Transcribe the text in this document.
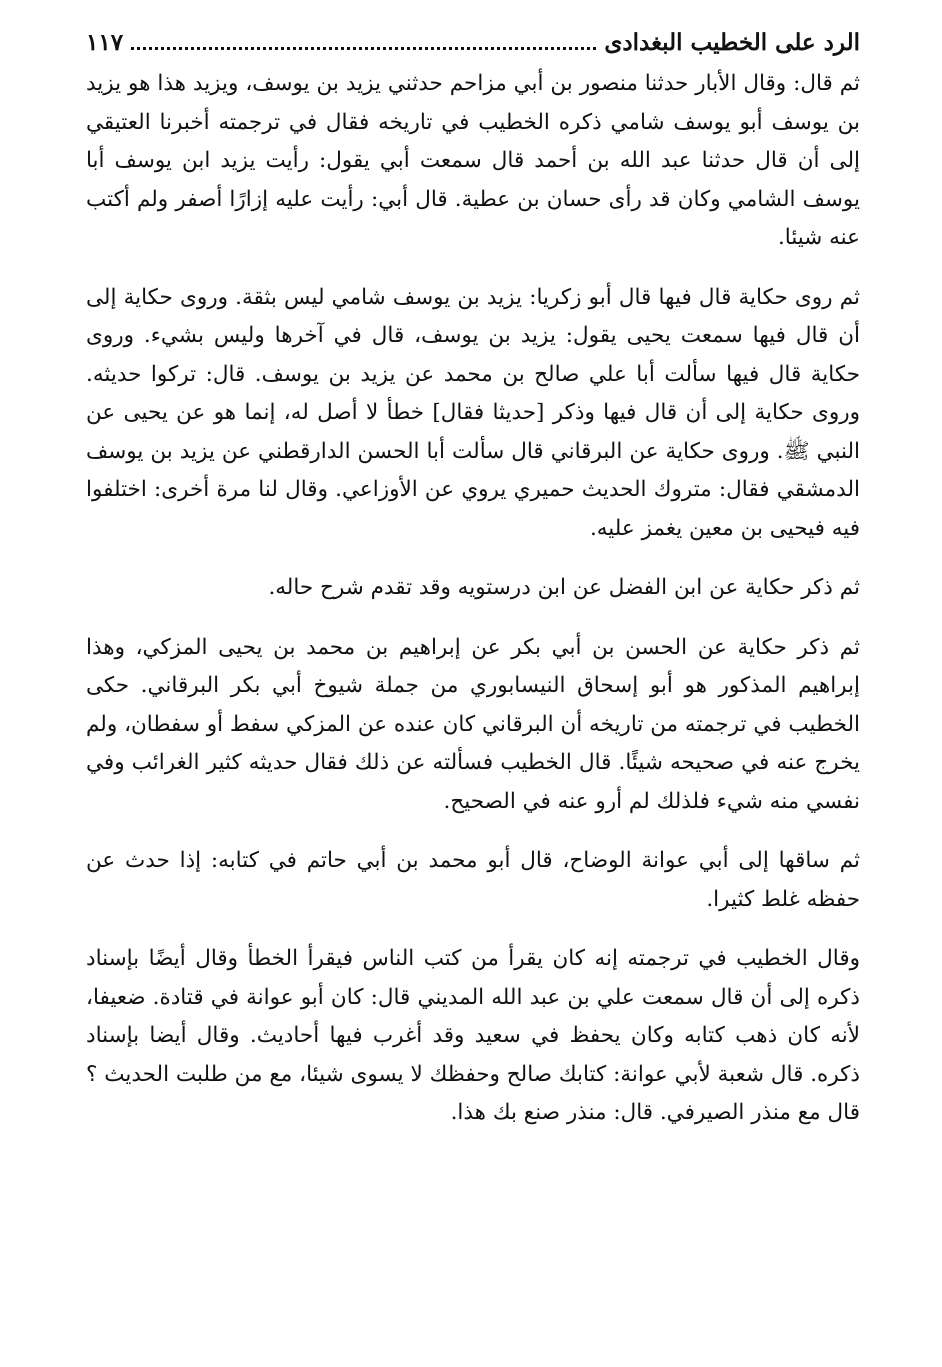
الرد على الخطيب البغدادى
١١٧

ثم قال: وقال الأبار حدثنا منصور بن أبي مزاحم حدثني يزيد بن يوسف، ويزيد هذا هو يزيد بن يوسف أبو يوسف شامي ذكره الخطيب في تاريخه فقال في ترجمته أخبرنا العتيقي إلى أن قال حدثنا عبد الله بن أحمد قال سمعت أبي يقول: رأيت يزيد ابن يوسف أبا يوسف الشامي وكان قد رأى حسان بن عطية. قال أبي: رأيت عليه إزارًا أصفر ولم أكتب عنه شيئا.

ثم روى حكاية قال فيها قال أبو زكريا: يزيد بن يوسف شامي ليس بثقة. وروى حكاية إلى أن قال فيها سمعت يحيى يقول: يزيد بن يوسف، قال في آخرها وليس بشيء. وروى حكاية قال فيها سألت أبا علي صالح بن محمد عن يزيد بن يوسف. قال: تركوا حديثه. وروى حكاية إلى أن قال فيها وذكر [حديثا فقال] خطأ لا أصل له، إنما هو عن يحيى عن النبي ﷺ. وروى حكاية عن البرقاني قال سألت أبا الحسن الدارقطني عن يزيد بن يوسف الدمشقي فقال: متروك الحديث حميري يروي عن الأوزاعي. وقال لنا مرة أخرى: اختلفوا فيه فيحيى بن معين يغمز عليه.

ثم ذكر حكاية عن ابن الفضل عن ابن درستويه وقد تقدم شرح حاله.

ثم ذكر حكاية عن الحسن بن أبي بكر عن إبراهيم بن محمد بن يحيى المزكي، وهذا إبراهيم المذكور هو أبو إسحاق النيسابوري من جملة شيوخ أبي بكر البرقاني. حكى الخطيب في ترجمته من تاريخه أن البرقاني كان عنده عن المزكي سفط أو سفطان، ولم يخرج عنه في صحيحه شيئًا. قال الخطيب فسألته عن ذلك فقال حديثه كثير الغرائب وفي نفسي منه شيء فلذلك لم أرو عنه في الصحيح.

ثم ساقها إلى أبي عوانة الوضاح، قال أبو محمد بن أبي حاتم في كتابه: إذا حدث عن حفظه غلط كثيرا.

وقال الخطيب في ترجمته إنه كان يقرأ من كتب الناس فيقرأ الخطأ وقال أيضًا بإسناد ذكره إلى أن قال سمعت علي بن عبد الله المديني قال: كان أبو عوانة في قتادة. ضعيفا، لأنه كان ذهب كتابه وكان يحفظ في سعيد وقد أغرب فيها أحاديث. وقال أيضا بإسناد ذكره. قال شعبة لأبي عوانة: كتابك صالح وحفظك لا يسوى شيئا، مع من طلبت الحديث ؟ قال مع منذر الصيرفي. قال: منذر صنع بك هذا.
